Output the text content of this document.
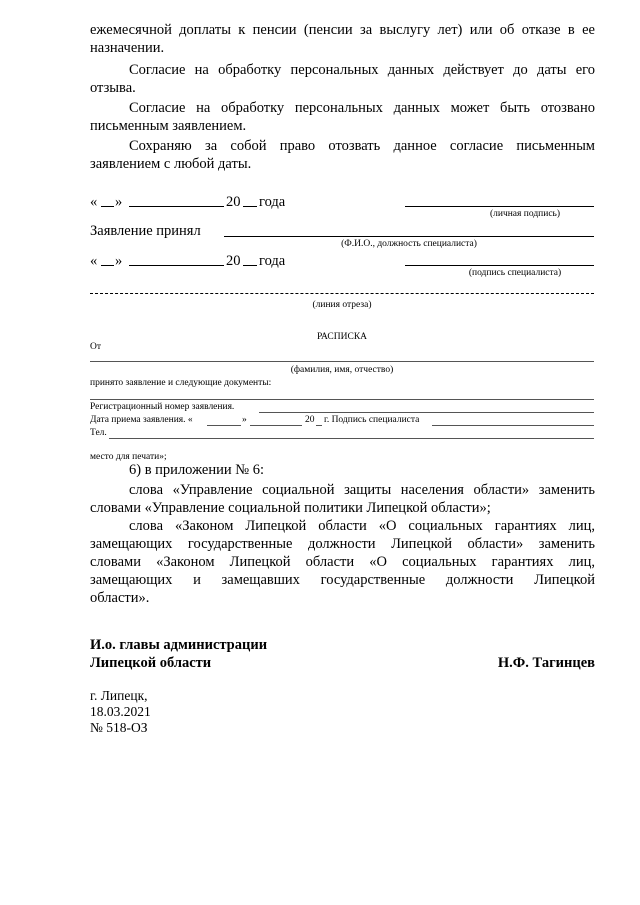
ежемесячной доплаты к пенсии (пенсии за выслугу лет) или об отказе в ее
назначении.
Согласие на обработку персональных данных действует до даты его
отзыва.
Согласие на обработку персональных данных может быть отозвано
письменным заявлением.
Сохраняю за собой право отозвать данное согласие письменным
заявлением с любой даты.
« »	20 года
(личная подпись)
Заявление принял
(Ф.И.О., должность специалиста)
« »	20 года
(подпись специалиста)
(линия отреза)
РАСПИСКА
От
(фамилия, имя, отчество)
принято заявление и следующие документы:
Регистрационный номер заявления.
Дата приема заявления. «	»	20 г. Подпись специалиста
Тел.
место для печати»;
6) в приложении № 6:
слова «Управление социальной защиты населения области» заменить
словами «Управление социальной политики Липецкой области»;
слова «Законом Липецкой области «О социальных гарантиях лиц,
замещающих государственные должности Липецкой области» заменить
словами «Законом Липецкой области «О социальных гарантиях лиц,
замещающих и замещавших государственные должности Липецкой
области».
И.о. главы администрации
Липецкой области	Н.Ф. Тагинцев
г. Липецк,
18.03.2021
№ 518-ОЗ
